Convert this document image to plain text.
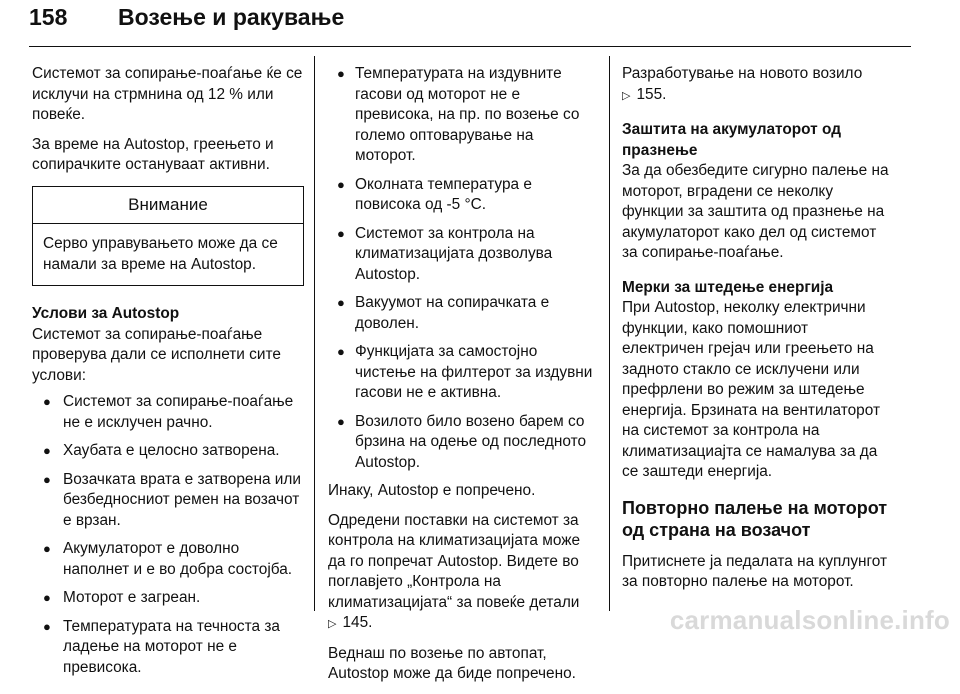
158 Возење и ракување

Системот за сопирање-поаѓање ќе се исклучи на стрмнина од 12 % или повеќе.

За време на Autostop, греењето и сопирачките остануваат активни.

Внимание
Серво управувањето може да се намали за време на Autostop.
Услови за Autostop

Системот за сопирање-поаѓање проверува дали се исполнети сите услови:

● Системот за сопирање-поаѓање не е исклучен рачно.
● Хаубата е целосно затворена.
● Возачката врата е затворена или безбедносниот ремен на возачот е врзан.
● Акумулаторот е доволно наполнет и е во добра состојба.
● Моторот е загреан.
● Температурата на течноста за ладење на моторот не е превисока.
● Температурата на издувните гасови од моторот не е превисока, на пр. по возење со големо оптоварување на моторот.
● Околната температура е повисока од -5 °C.
● Системот за контрола на климатизацијата дозволува Autostop.
● Вакуумот на сопирачката е доволен.
● Функцијата за самостојно чистење на филтерот за издувни гасови не е активна.
● Возилото било возено барем со брзина на одење од последното Autostop.

Инаку, Autostop е попречено.

Одредени поставки на системот за контрола на климатизацијата може да го попречат Autostop. Видете во поглавјето „Контрола на климатизацијата“ за повеќе детали
▷ 145.

Веднаш по возење по автопат, Autostop може да биде попречено.

Разработување на новото возило
▷ 155.

Заштита на акумулаторот од празнење

За да обезбедите сигурно палење на моторот, вградени се неколку функции за заштита од празнење на акумулаторот како дел од системот за сопирање-поаѓање.

Мерки за штедење енергија

При Autostop, неколку електрични функции, како помошниот електричен грејач или греењето на задното стакло се исклучени или префрлени во режим за штедење енергија. Брзината на вентилаторот на системот за контрола на климатизациајта се намалува за да се заштеди енергија.

Повторно палење на моторот од страна на возачот

Притиснете ја педалата на куплунгот за повторно палење на моторот.

carmanualsonline.info
